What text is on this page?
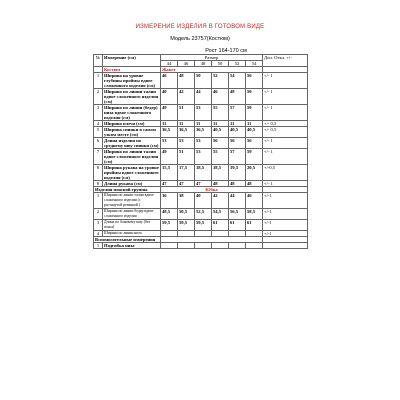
ИЗМЕРЕНИЕ ИЗДЕЛИЯ В ГОТОВОМ ВИДЕ
Модель 23757(Костюм)
Рост 164-170 см
№	Измерение (см)	Размер						Доп. Откл. +/-
		44	46	48	50	52	54	
	Костюм	Жакет						
1	Ширина на уровне глубины проймы вдвое сложенного изделия (см)	46	48	50	52	54	56	+/- 1
2	Ширина по линии талии вдвое сложенного изделия (см)	40	42	44	46	48	50	+/- 1
3	Ширина по линии (бедер) низа вдвое сложенного изделия (см)	49	51	53	55	57	59	+/- 1
4	Ширина плеча (см)	11	11	11	11	11	11	+/- 0,5
5	Ширина спинки в самом узком месте (см)	36,5	36,5	36,5	40,5	40,5	40,5	+/- 0,5
6	Длина изделия по среднему шву спинки (см)	53	53	53	56	56	56	+/- 1
7	Ширина по линии талии вдвое сложенного изделия (см)	49	51	53	55	57	59	+/- 1
8	Ширина рукава на уровне проймы вдвое сложенного изделия (см)	15,5	17,5	18,5	18,5	19,5	20,5	+/-0,5
8	Длина рукава (см)	47	47	47	48	48	48	+/- 1
Изделия поясной группы		Юбка						
1	Ширина по линии талии вдвое сложенного изделия (с растянутой резинкой )	36	38	40	42	44	46	+/-1
2	Ширина по линии бедер вдвое сложенного изделия	48,5	50,5	52,5	54,5	56,5	58,5	+/-1
3	Длина по боковому шву (без пояса)	59,5	59,5	59,5	61	61	61	+/-1
4	Ширина по линии низа							+/-1
Вспомогательные измерения								
1	Подгибка низа							
